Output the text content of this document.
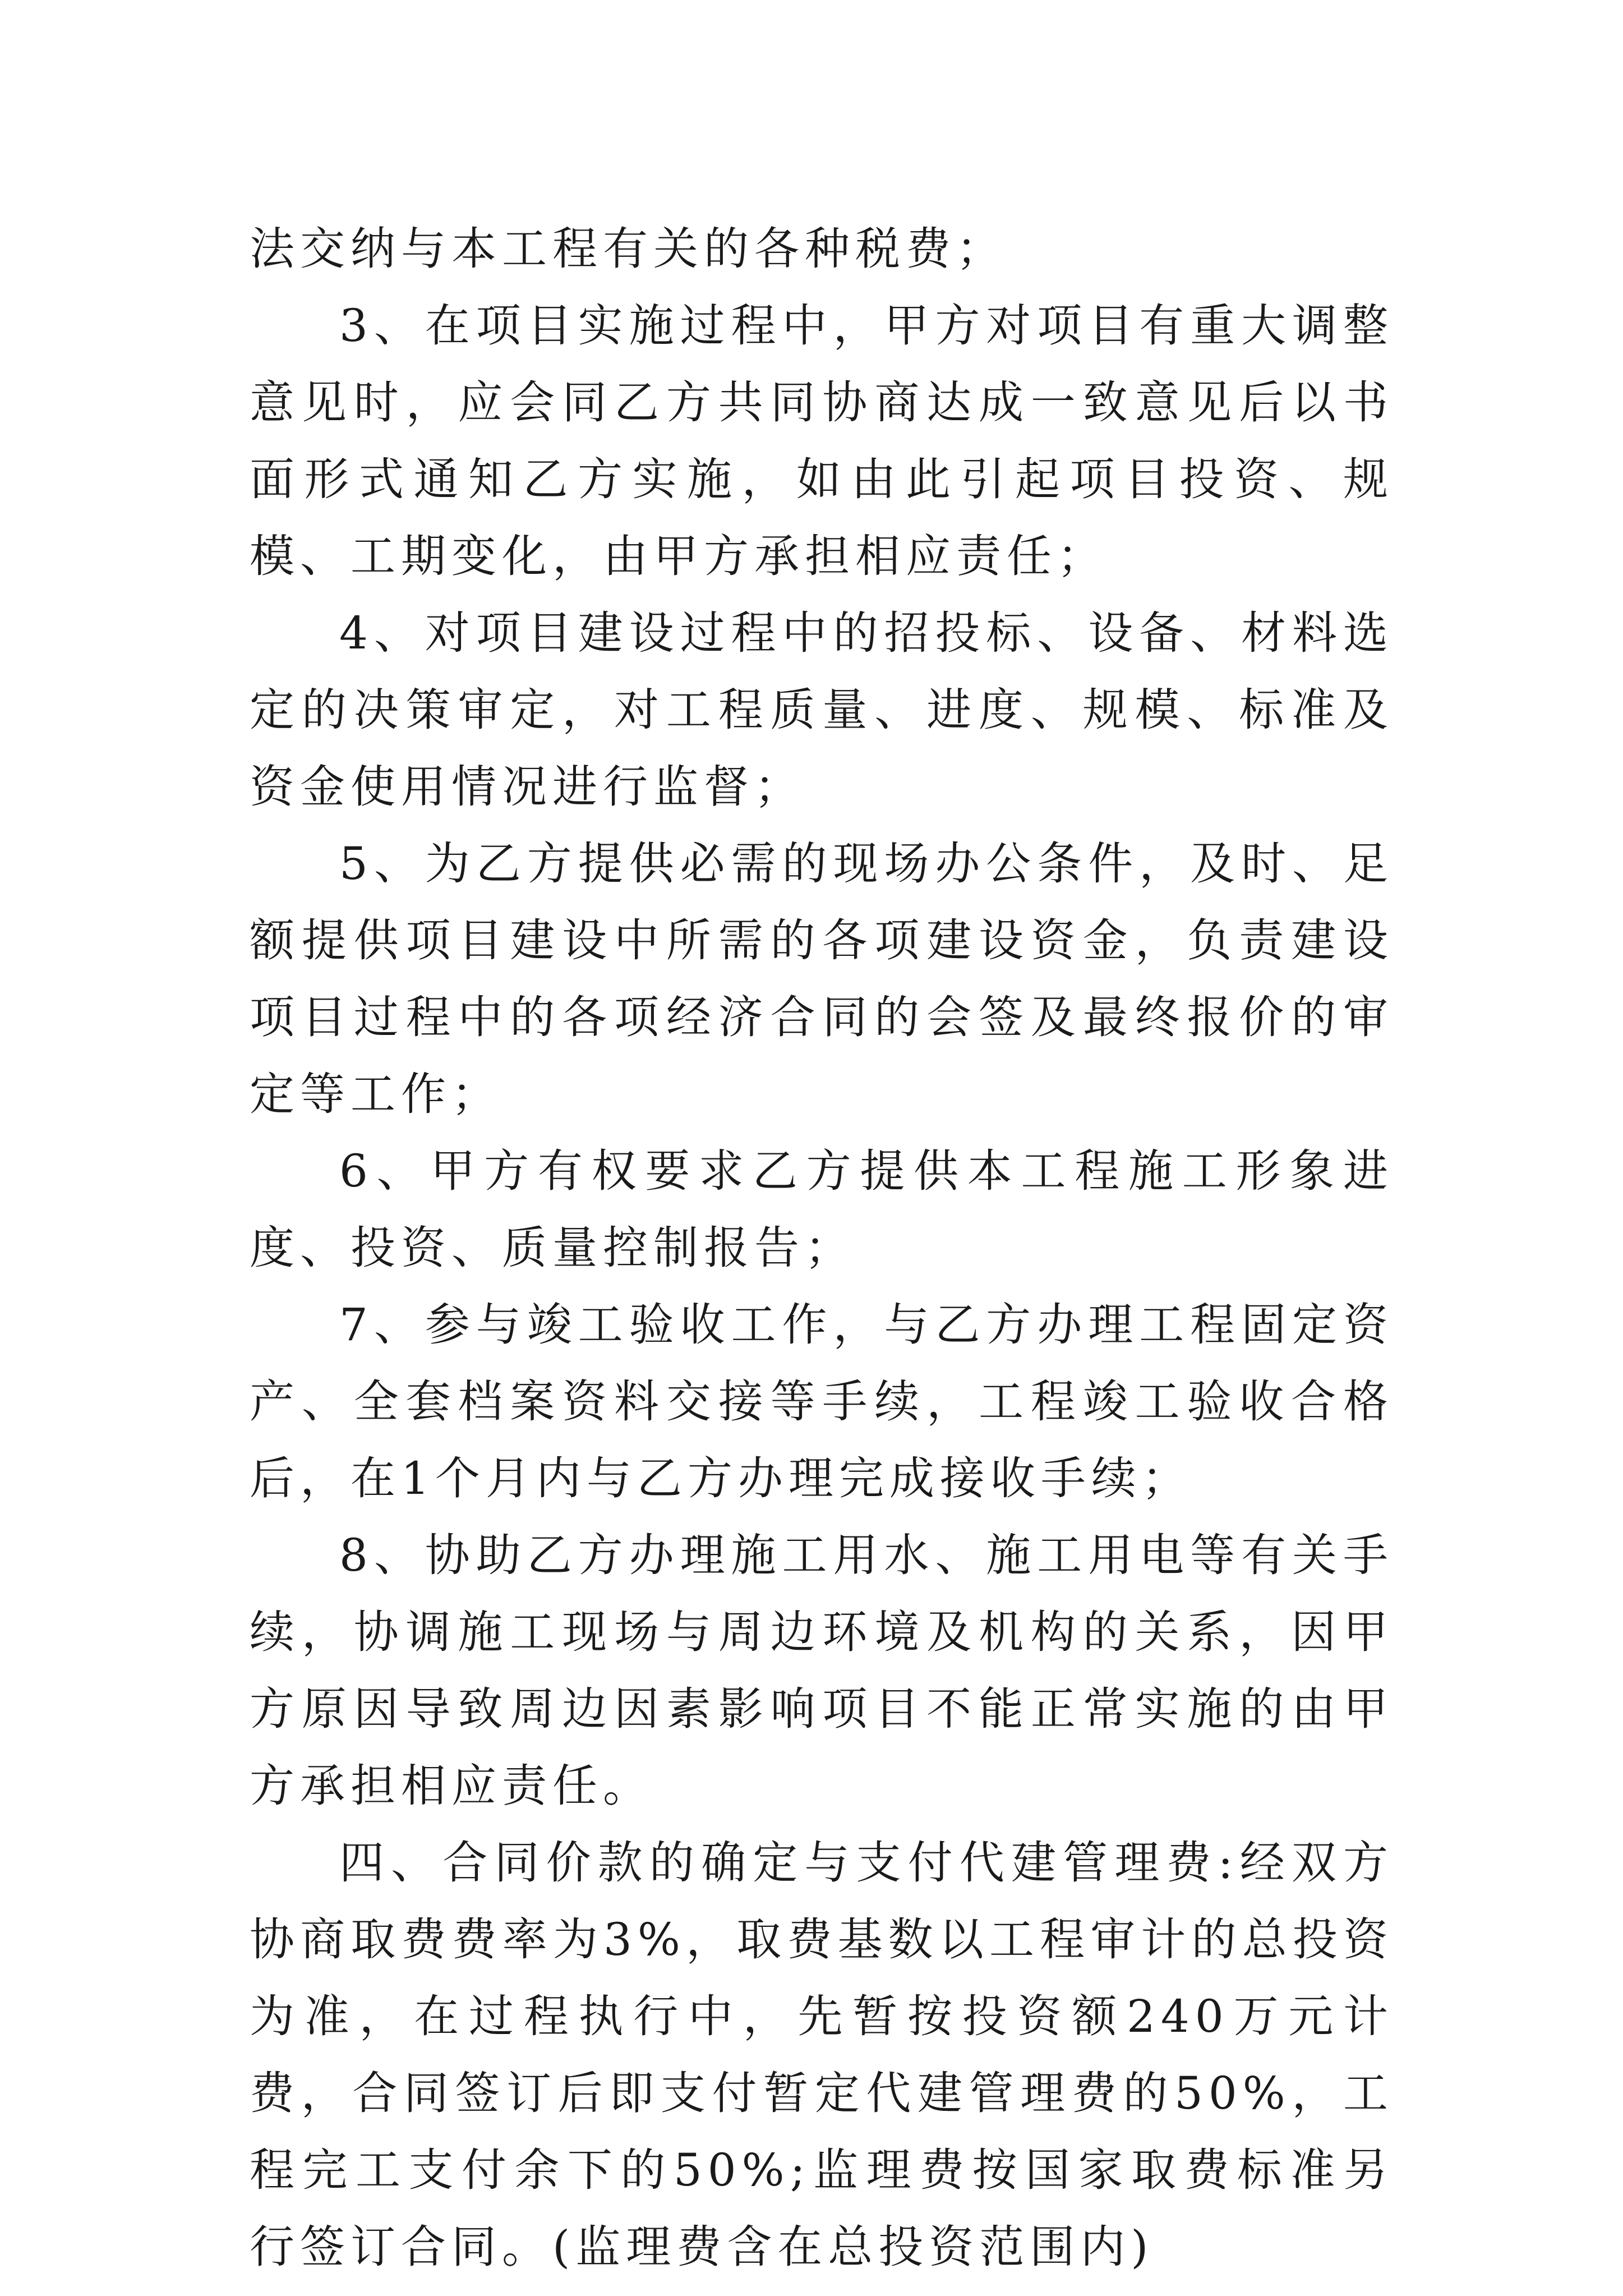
法交纳与本工程有关的各种税费；

3、在项目实施过程中，甲方对项目有重大调整意见时，应会同乙方共同协商达成一致意见后以书面形式通知乙方实施，如由此引起项目投资、规模、工期变化，由甲方承担相应责任；

4、对项目建设过程中的招投标、设备、材料选定的决策审定，对工程质量、进度、规模、标准及资金使用情况进行监督；

5、为乙方提供必需的现场办公条件，及时、足额提供项目建设中所需的各项建设资金，负责建设项目过程中的各项经济合同的会签及最终报价的审定等工作；

6、甲方有权要求乙方提供本工程施工形象进度、投资、质量控制报告；

7、参与竣工验收工作，与乙方办理工程固定资产、全套档案资料交接等手续，工程竣工验收合格后，在1个月内与乙方办理完成接收手续；

8、协助乙方办理施工用水、施工用电等有关手续，协调施工现场与周边环境及机构的关系，因甲方原因导致周边因素影响项目不能正常实施的由甲方承担相应责任。

四、合同价款的确定与支付代建管理费:经双方协商取费费率为3%，取费基数以工程审计的总投资为准，在过程执行中，先暂按投资额240万元计费，合同签订后即支付暂定代建管理费的50%，工程完工支付余下的50%;监理费按国家取费标准另行签订合同。(监理费含在总投资范围内)
